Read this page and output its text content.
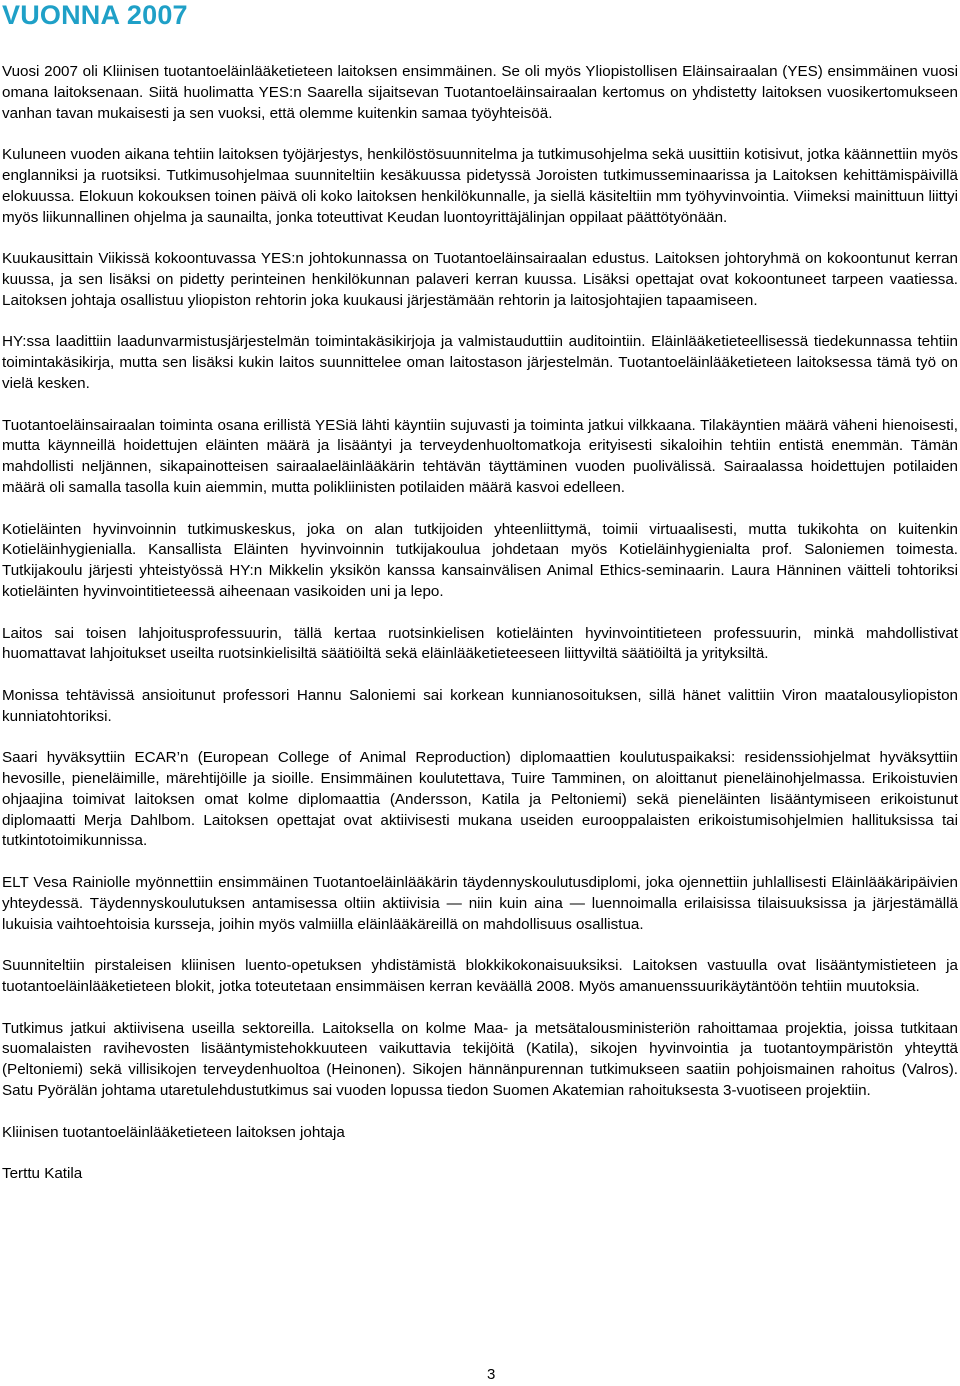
VUONNA 2007

Vuosi 2007 oli Kliinisen tuotantoeläinlääketieteen laitoksen ensimmäinen. Se oli myös Yliopistollisen Eläinsairaalan (YES) ensimmäinen vuosi omana laitoksenaan. Siitä huolimatta YES:n Saarella sijaitsevan Tuotantoeläinsairaalan kertomus on yhdistetty laitoksen vuosikertomukseen vanhan tavan mukaisesti ja sen vuoksi, että olemme kuitenkin samaa työyhteisöä.

Kuluneen vuoden aikana tehtiin laitoksen työjärjestys, henkilöstösuunnitelma ja tutkimusohjelma sekä uusittiin kotisivut, jotka käännettiin myös englanniksi ja ruotsiksi. Tutkimusohjelmaa suunniteltiin kesäkuussa pidetyssä Joroisten tutkimusseminaarissa ja Laitoksen kehittämispäivillä elokuussa. Elokuun kokouksen toinen päivä oli koko laitoksen henkilökunnalle, ja siellä käsiteltiin mm työhyvinvointia. Viimeksi mainittuun liittyi myös liikunnallinen ohjelma ja saunailta, jonka toteuttivat Keudan luontoyrittäjälinjan oppilaat päättötyönään.

Kuukausittain Viikissä kokoontuvassa YES:n johtokunnassa on Tuotantoeläinsairaalan edustus. Laitoksen johtoryhmä on kokoontunut kerran kuussa, ja sen lisäksi on pidetty perinteinen henkilökunnan palaveri kerran kuussa. Lisäksi opettajat ovat kokoontuneet tarpeen vaatiessa. Laitoksen johtaja osallistuu yliopiston rehtorin joka kuukausi järjestämään rehtorin ja laitosjohtajien tapaamiseen.

HY:ssa laadittiin laadunvarmistusjärjestelmän toimintakäsikirjoja ja valmistauduttiin auditointiin. Eläinlääketieteellisessä tiedekunnassa tehtiin toimintakäsikirja, mutta sen lisäksi kukin laitos suunnittelee oman laitostason järjestelmän. Tuotantoeläinlääketieteen laitoksessa tämä työ on vielä kesken.

Tuotantoeläinsairaalan toiminta osana erillistä YESiä lähti käyntiin sujuvasti ja toiminta jatkui vilkkaana. Tilakäyntien määrä väheni hienoisesti, mutta käynneillä hoidettujen eläinten määrä ja lisääntyi ja terveydenhuoltomatkoja erityisesti sikaloihin tehtiin entistä enemmän. Tämän mahdollisti neljännen, sikapainotteisen sairaalaeläinlääkärin tehtävän täyttäminen vuoden puolivälissä. Sairaalassa hoidettujen potilaiden määrä oli samalla tasolla kuin aiemmin, mutta polikliinisten potilaiden määrä kasvoi edelleen.

Kotieläinten hyvinvoinnin tutkimuskeskus, joka on alan tutkijoiden yhteenliittymä, toimii virtuaalisesti, mutta tukikohta on kuitenkin Kotieläinhygienialla. Kansallista Eläinten hyvinvoinnin tutkijakoulua johdetaan myös Kotieläinhygienialta prof. Saloniemen toimesta. Tutkijakoulu järjesti yhteistyössä HY:n Mikkelin yksikön kanssa kansainvälisen Animal Ethics-seminaarin. Laura Hänninen väitteli tohtoriksi kotieläinten hyvinvointitieteessä aiheenaan vasikoiden uni ja lepo.

Laitos sai toisen lahjoitusprofessuurin, tällä kertaa ruotsinkielisen kotieläinten hyvinvointitieteen professuurin, minkä mahdollistivat huomattavat lahjoitukset useilta ruotsinkielisiltä säätiöiltä sekä eläinlääketieteeseen liittyviltä säätiöiltä ja yrityksiltä.

Monissa tehtävissä ansioitunut professori Hannu Saloniemi sai korkean kunnianosoituksen, sillä hänet valittiin Viron maatalousyliopiston kunniatohtoriksi.

Saari hyväksyttiin ECAR’n (European College of Animal Reproduction) diplomaattien koulutuspaikaksi: residenssiohjelmat hyväksyttiin hevosille, pieneläimille, märehtijöille ja sioille. Ensimmäinen koulutettava, Tuire Tamminen, on aloittanut pieneläinohjelmassa. Erikoistuvien ohjaajina toimivat laitoksen omat kolme diplomaattia (Andersson, Katila ja Peltoniemi) sekä pieneläinten lisääntymiseen erikoistunut diplomaatti Merja Dahlbom. Laitoksen opettajat ovat aktiivisesti mukana useiden eurooppalaisten erikoistumisohjelmien hallituksissa tai tutkintotoimikunnissa.

ELT Vesa Rainiolle myönnettiin ensimmäinen Tuotantoeläinlääkärin täydennyskoulutusdiplomi, joka ojennettiin juhlallisesti Eläinlääkäripäivien yhteydessä. Täydennyskoulutuksen antamisessa oltiin aktiivisia — niin kuin aina — luennoimalla erilaisissa tilaisuuksissa ja järjestämällä lukuisia vaihtoehtoisia kursseja, joihin myös valmiilla eläinlääkäreillä on mahdollisuus osallistua.

Suunniteltiin pirstaleisen kliinisen luento-opetuksen yhdistämistä blokkikokonaisuuksiksi. Laitoksen vastuulla ovat lisääntymistieteen ja tuotantoeläinlääketieteen blokit, jotka toteutetaan ensimmäisen kerran keväällä 2008. Myös amanuenssuurikäytäntöön tehtiin muutoksia.

Tutkimus jatkui aktiivisena useilla sektoreilla. Laitoksella on kolme Maa- ja metsätalousministeriön rahoittamaa projektia, joissa tutkitaan suomalaisten ravihevosten lisääntymistehokkuuteen vaikuttavia tekijöitä (Katila), sikojen hyvinvointia ja tuotantoympäristön yhteyttä (Peltoniemi) sekä villisikojen terveydenhuoltoa (Heinonen). Sikojen hännänpurennan tutkimukseen saatiin pohjoismainen rahoitus (Valros). Satu Pyörälän johtama utaretulehdustutkimus sai vuoden lopussa tiedon Suomen Akatemian rahoituksesta 3-vuotiseen projektiin.

Kliinisen tuotantoeläinlääketieteen laitoksen johtaja

Terttu Katila

3
